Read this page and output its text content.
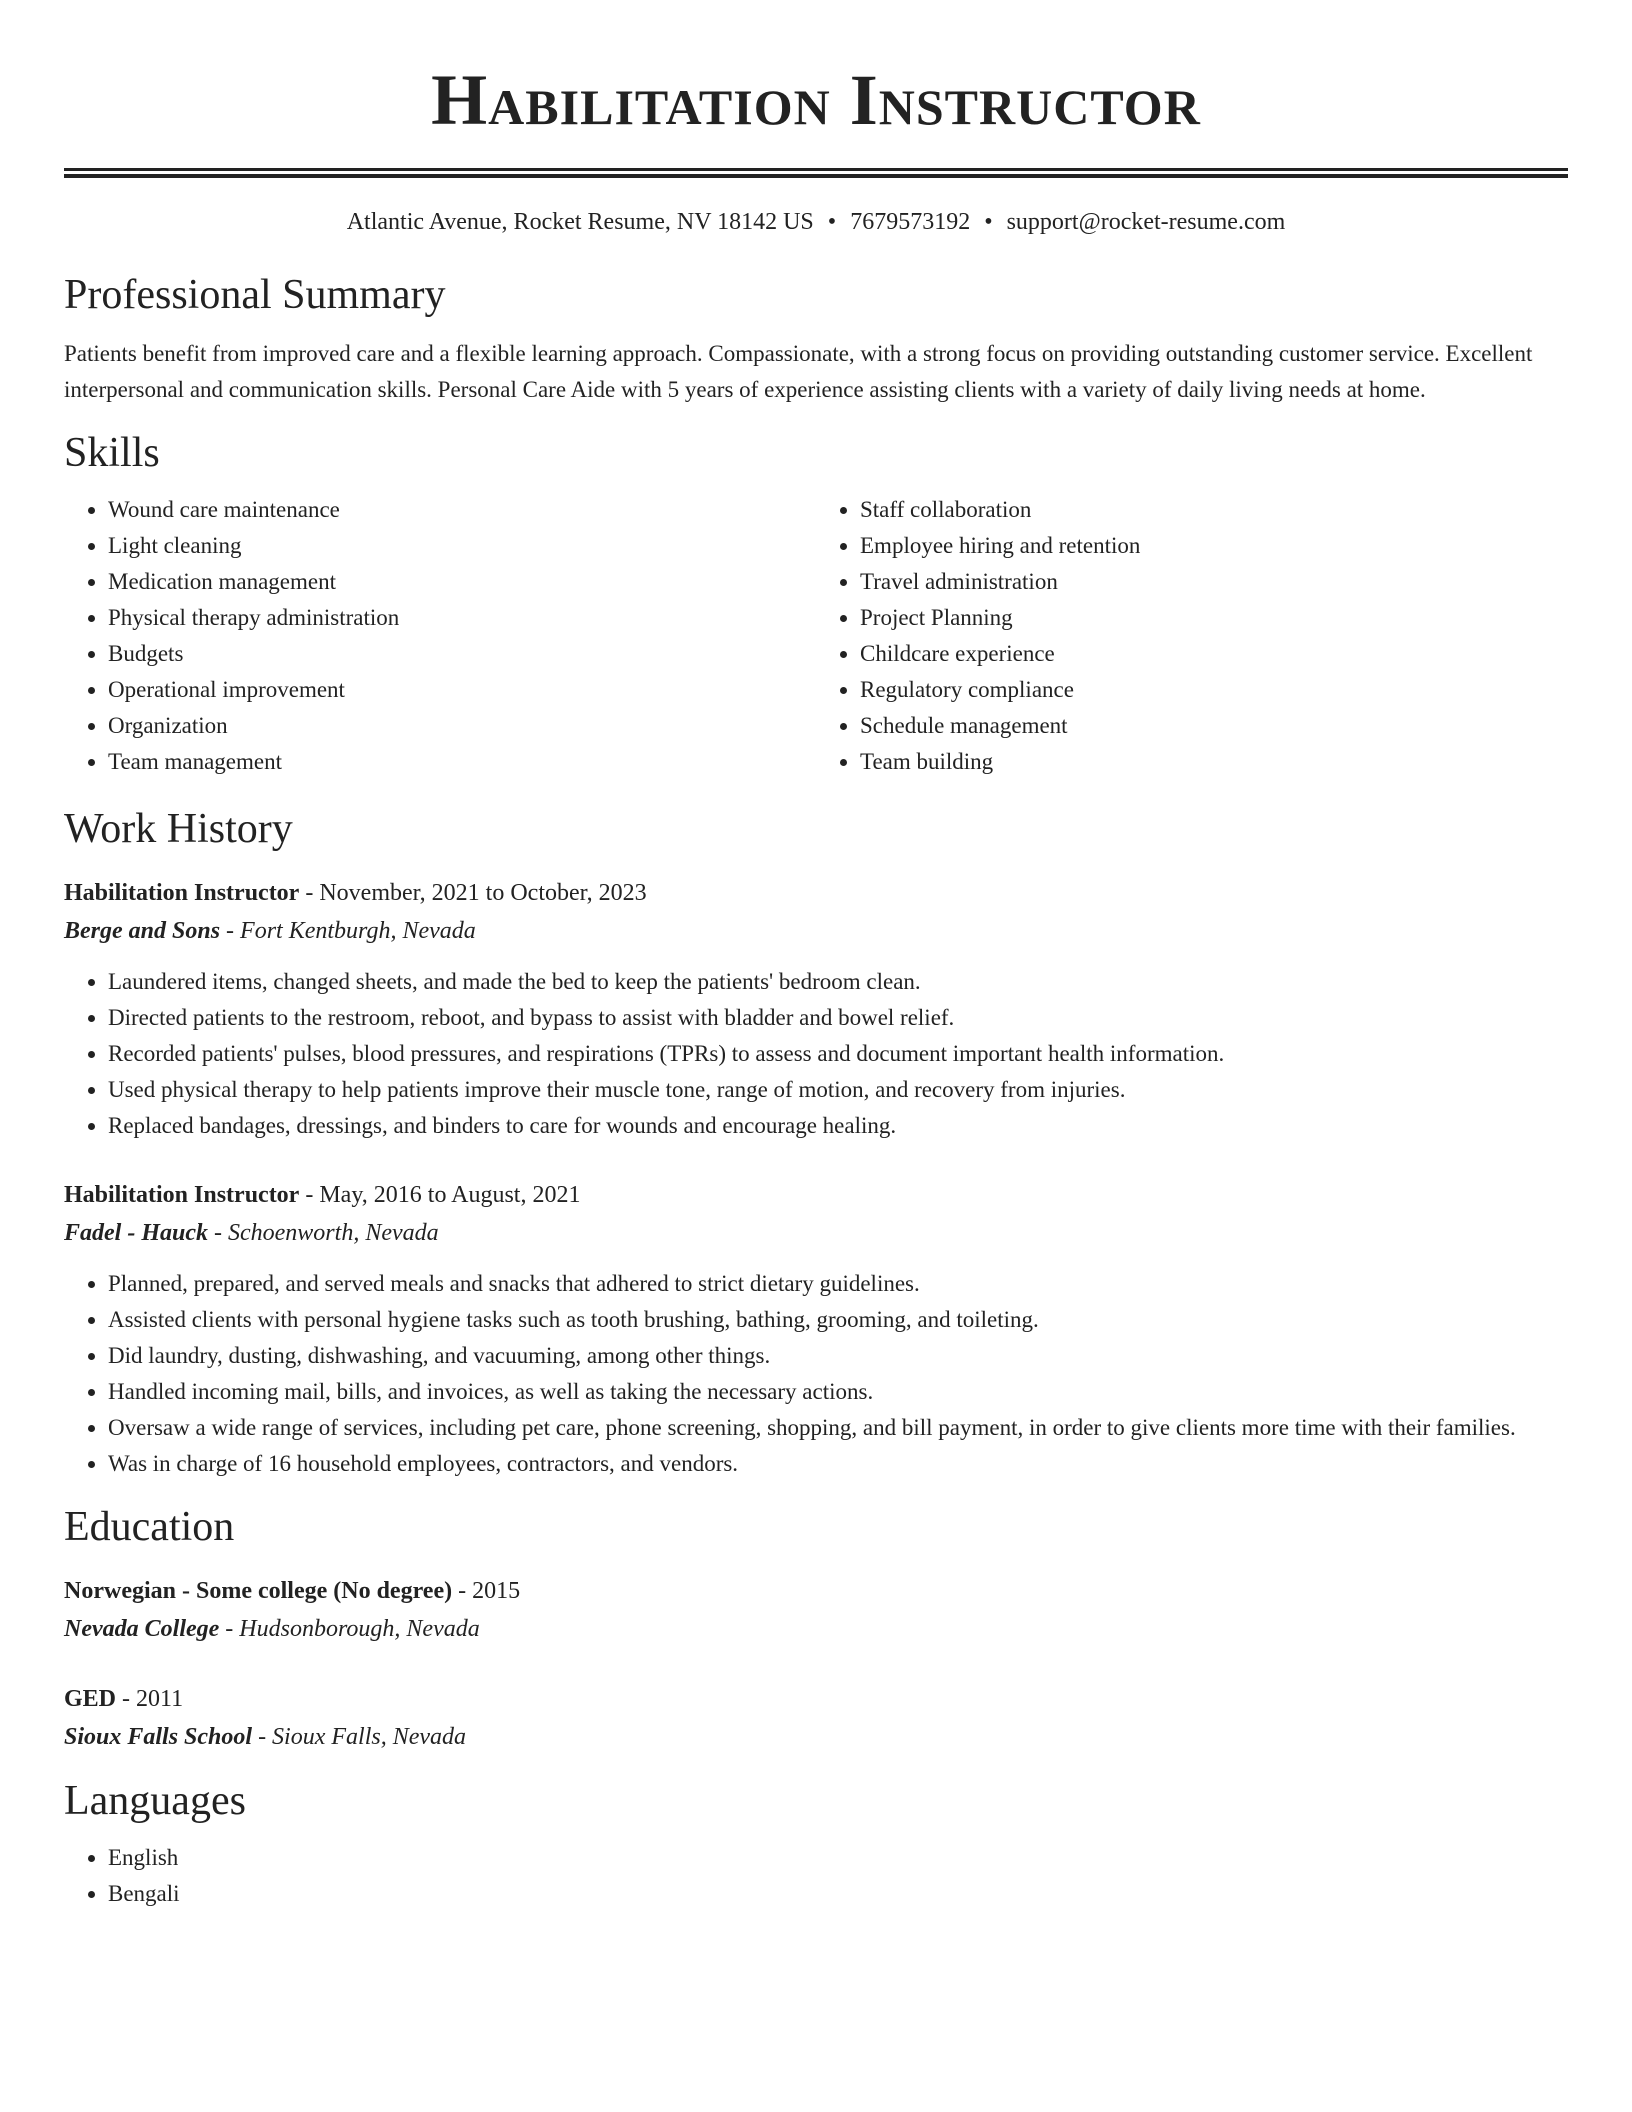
Habilitation Instructor
Atlantic Avenue, Rocket Resume, NV 18142 US • 7679573192 • support@rocket-resume.com
Professional Summary
Patients benefit from improved care and a flexible learning approach. Compassionate, with a strong focus on providing outstanding customer service. Excellent interpersonal and communication skills. Personal Care Aide with 5 years of experience assisting clients with a variety of daily living needs at home.
Skills
• Wound care maintenance
• Light cleaning
• Medication management
• Physical therapy administration
• Budgets
• Operational improvement
• Organization
• Team management
• Staff collaboration
• Employee hiring and retention
• Travel administration
• Project Planning
• Childcare experience
• Regulatory compliance
• Schedule management
• Team building
Work History
Habilitation Instructor - November, 2021 to October, 2023
Berge and Sons - Fort Kentburgh, Nevada
• Laundered items, changed sheets, and made the bed to keep the patients' bedroom clean.
• Directed patients to the restroom, reboot, and bypass to assist with bladder and bowel relief.
• Recorded patients' pulses, blood pressures, and respirations (TPRs) to assess and document important health information.
• Used physical therapy to help patients improve their muscle tone, range of motion, and recovery from injuries.
• Replaced bandages, dressings, and binders to care for wounds and encourage healing.
Habilitation Instructor - May, 2016 to August, 2021
Fadel - Hauck - Schoenworth, Nevada
• Planned, prepared, and served meals and snacks that adhered to strict dietary guidelines.
• Assisted clients with personal hygiene tasks such as tooth brushing, bathing, grooming, and toileting.
• Did laundry, dusting, dishwashing, and vacuuming, among other things.
• Handled incoming mail, bills, and invoices, as well as taking the necessary actions.
• Oversaw a wide range of services, including pet care, phone screening, shopping, and bill payment, in order to give clients more time with their families.
• Was in charge of 16 household employees, contractors, and vendors.
Education
Norwegian - Some college (No degree) - 2015
Nevada College - Hudsonborough, Nevada
GED - 2011
Sioux Falls School - Sioux Falls, Nevada
Languages
• English
• Bengali
